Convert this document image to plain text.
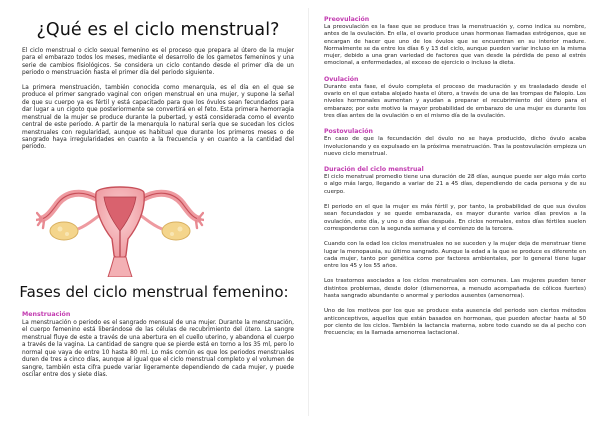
¿Qué es el ciclo menstrual?

El ciclo menstrual o ciclo sexual femenino es el proceso que prepara al útero de la mujer para el embarazo todos los meses, mediante el desarrollo de los gametos femeninos y una serie de cambios fisiológicos. Se considera un ciclo contando desde el primer día de un periodo o menstruación hasta el primer día del periodo siguiente.

La primera menstruación, también conocida como menarquía, es el día en el que se produce el primer sangrado vaginal con origen menstrual en una mujer, y supone la señal de que su cuerpo ya es fértil y está capacitado para que los óvulos sean fecundados para dar lugar a un cigoto que posteriormente se convertirá en el feto. Esta primera hemorragia menstrual de la mujer se produce durante la pubertad, y está considerada como el evento central de este periodo. A partir de la menarquía lo natural sería que se sucedan los ciclos menstruales con regularidad, aunque es habitual que durante los primeros meses o de sangrado haya irregularidades en cuanto a la frecuencia y en cuanto a la cantidad del periodo.

Fases del ciclo menstrual femenino:
Menstruación

La menstruación o periodo es el sangrado mensual de una mujer. Durante la menstruación, el cuerpo femenino está liberándose de las células de recubrimiento del útero. La sangre menstrual fluye de este a través de una abertura en el cuello uterino, y abandona el cuerpo a través de la vagina. La cantidad de sangre que se pierde está en torno a los 35 ml, pero lo normal que vaya de entre 10 hasta 80 ml. Lo más común es que los periodos menstruales duren de tres a cinco días, aunque al igual que el ciclo menstrual completo y el volumen de sangre, también esta cifra puede variar ligeramente dependiendo de cada mujer, y puede oscilar entre dos y siete días.

Preovulación

La preovulación es la fase que se produce tras la menstruación y, como indica su nombre, antes de la ovulación. En ella, el ovario produce unas hormonas llamadas estrógenos, que se encargan de hacer que uno de los óvulos que se encuentran en su interior madure. Normalmente se da entre los días 6 y 13 del ciclo, aunque pueden variar incluso en la misma mujer, debido a una gran variedad de factores que van desde la pérdida de peso al estrés emocional, a enfermedades, al exceso de ejercicio o incluso la dieta.

Ovulación

Durante esta fase, el óvulo completa el proceso de maduración y es trasladado desde el ovario en el que estaba alojado hasta el útero, a través de una de las trompas de Falopio. Los niveles hormonales aumentan y ayudan a preparar el recubrimiento del útero para el embarazo; por este motivo la mayor probabilidad de embarazo de una mujer es durante los tres días antes de la ovulación o en el mismo día de la ovulación.

Postovulación

En caso de que la fecundación del óvulo no se haya producido, dicho óvulo acaba involucionando y es expulsado en la próxima menstruación. Tras la postovulación empieza un nuevo ciclo menstrual.

Duración del ciclo menstrual

El ciclo menstrual promedio tiene una duración de 28 días, aunque puede ser algo más corto o algo más largo, llegando a variar de 21 a 45 días, dependiendo de cada persona y de su cuerpo.

El periodo en el que la mujer es más fértil y, por tanto, la probabilidad de que sus óvulos sean fecundados y se quede embarazada, es mayor durante varios días previos a la ovulación, este día, y uno o dos días después. En ciclos normales, estos días fértiles suelen corresponderse con la segunda semana y el comienzo de la tercera.

Cuando con la edad los ciclos menstruales no se suceden y la mujer deja de menstruar tiene lugar la menopausia, su último sangrado. Aunque la edad a la que se produce es diferente en cada mujer, tanto por genética como por factores ambientales, por lo general tiene lugar entre los 45 y los 55 años.

Los trastornos asociados a los ciclos menstruales son comunes. Las mujeres pueden tener distintos problemas, desde dolor (dismenorrea, a menudo acompañada de cólicos fuertes) hasta sangrado abundante o anormal y periodos ausentes (amenorrea).

Uno de los motivos por los que se produce esta ausencia del periodo son ciertos métodos anticonceptivos, aquellos que están basados en hormonas, que pueden afectar hasta al 50 por ciento de los ciclos. También la lactancia materna, sobre todo cuando se da al pecho con frecuencia; es la llamada amenorrea lactacional.
